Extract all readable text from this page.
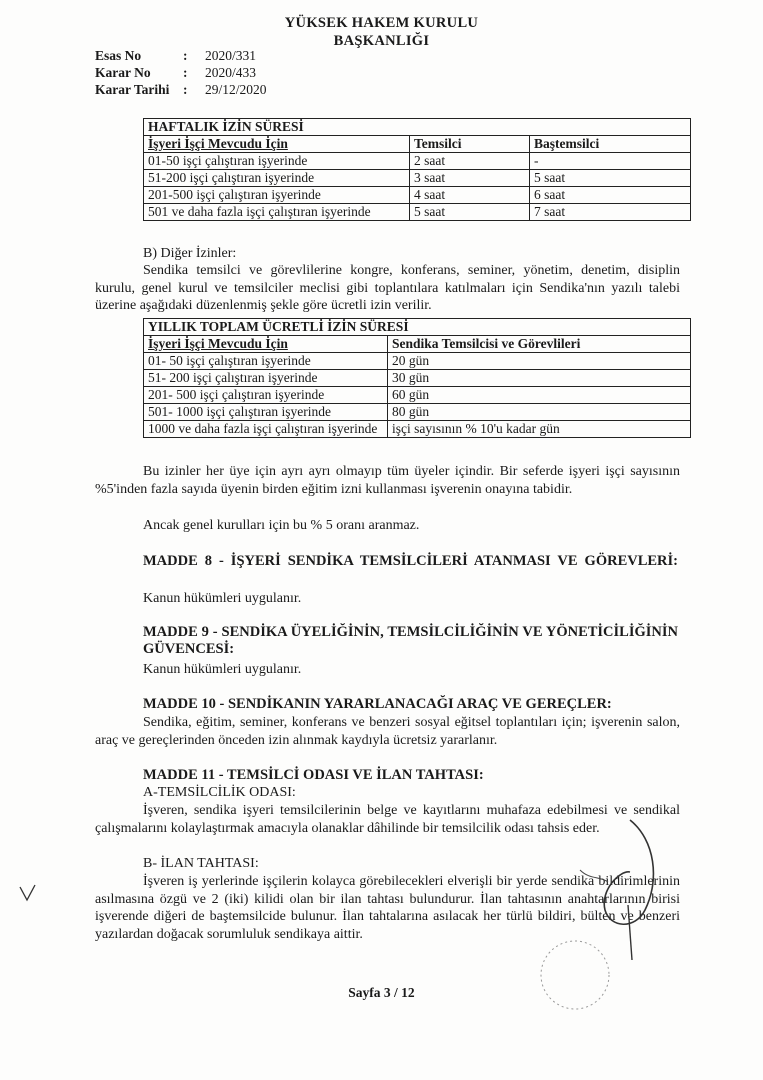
YÜKSEK HAKEM KURULU
BAŞKANLIĞI
Esas No	: 2020/331
Karar No : 2020/433
Karar Tarihi : 29/12/2020
HAFTALIK İZİN SÜRESİ		
İşyeri İşçi Mevcudu İçin	Temsilci	Baştemsilci
01-50 işçi çalıştıran işyerinde	2 saat	-
51-200 işçi çalıştıran işyerinde	3 saat	5 saat
201-500 işçi çalıştıran işyerinde	4 saat	6 saat
501 ve daha fazla işçi çalıştıran işyerinde	5 saat	7 saat
B) Diğer İzinler:

Sendika temsilci ve görevlilerine kongre, konferans, seminer, yönetim, denetim, disiplin kurulu, genel kurul ve temsilciler meclisi gibi toplantılara katılmaları için Sendika'nın yazılı talebi üzerine aşağıdaki düzenlenmiş şekle göre ücretli izin verilir.

YILLIK TOPLAM ÜCRETLİ İZİN SÜRESİ	
İşyeri İşçi Mevcudu İçin	Sendika Temsilcisi ve Görevlileri
01- 50 işçi çalıştıran işyerinde	20 gün
51- 200 işçi çalıştıran işyerinde	30 gün
201- 500 işçi çalıştıran işyerinde	60 gün
501- 1000 işçi çalıştıran işyerinde	80 gün
1000 ve daha fazla işçi çalıştıran işyerinde	işçi sayısının % 10'u kadar gün

Bu izinler her üye için ayrı ayrı olmayıp tüm üyeler içindir. Bir seferde işyeri işçi sayısının %5'inden fazla sayıda üyenin birden eğitim izni kullanması işverenin onayına tabidir.

Ancak genel kurulları için bu % 5 oranı aranmaz.

MADDE 8 - İŞYERİ SENDİKA TEMSİLCİLERİ ATANMASI VE GÖREVLERİ:

Kanun hükümleri uygulanır.

MADDE 9 - SENDİKA ÜYELİĞİNİN, TEMSİLCİLİĞİNİN VE YÖNETİCİLİĞİNİN GÜVENCESİ:

Kanun hükümleri uygulanır.

MADDE 10 - SENDİKANIN YARARLANACAĞI ARAÇ VE GEREÇLER:

Sendika, eğitim, seminer, konferans ve benzeri sosyal eğitsel toplantıları için; işverenin salon, araç ve gereçlerinden önceden izin alınmak kaydıyla ücretsiz yararlanır.

MADDE 11 - TEMSİLCİ ODASI VE İLAN TAHTASI:
A-TEMSİLCİLİK ODASI:

İşveren, sendika işyeri temsilcilerinin belge ve kayıtlarını muhafaza edebilmesi ve sendikal çalışmalarını kolaylaştırmak amacıyla olanaklar dâhilinde bir temsilcilik odası tahsis eder.

B- İLAN TAHTASI:

İşveren iş yerlerinde işçilerin kolayca görebilecekleri elverişli bir yerde sendika bildirimlerinin asılmasına özgü ve 2 (iki) kilidi olan bir ilan tahtası bulundurur. İlan tahtasının anahtarlarının birisi işverende diğeri de baştemsilcide bulunur. İlan tahtalarına asılacak her türlü bildiri, bülten ve benzeri yazılardan doğacak sorumluluk sendikaya aittir.

Sayfa 3 / 12
